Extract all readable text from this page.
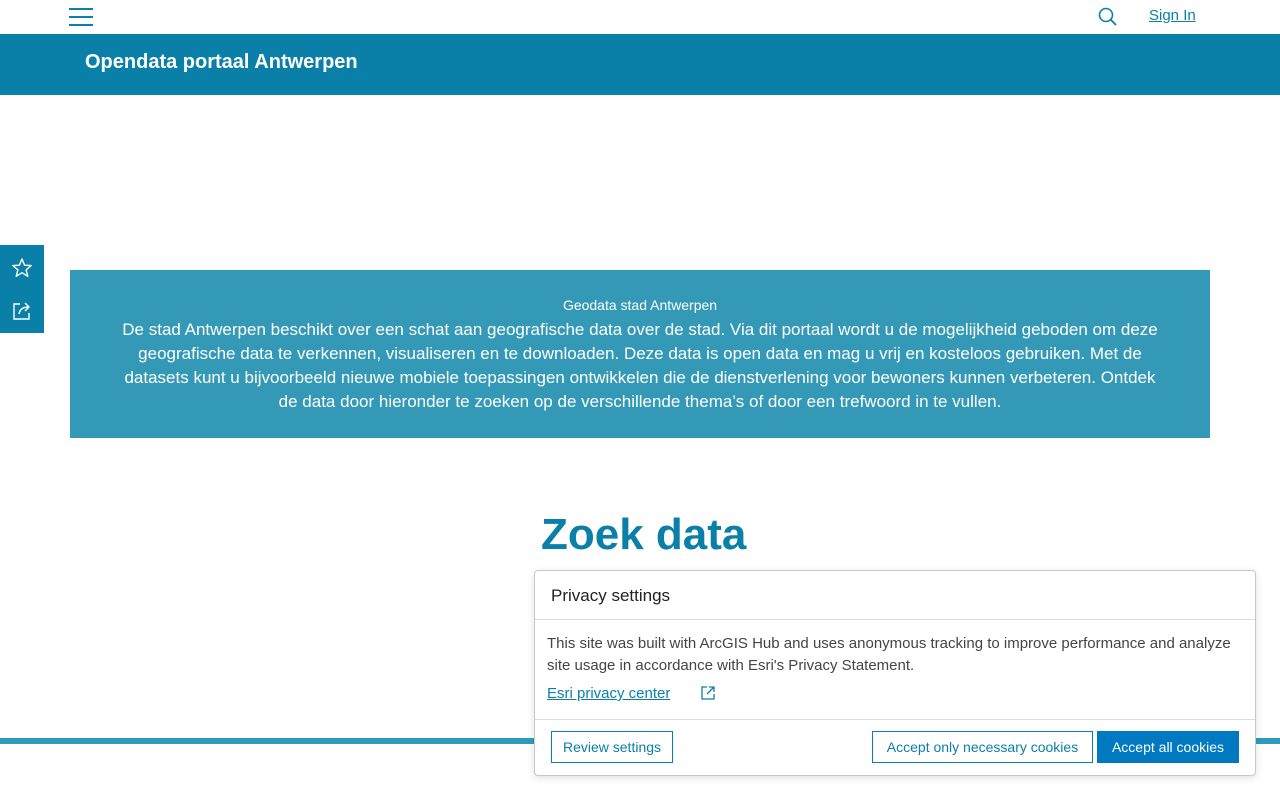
Sign In
Opendata portaal Antwerpen
Geodata stad Antwerpen
De stad Antwerpen beschikt over een schat aan geografische data over de stad. Via dit portaal wordt u de mogelijkheid geboden om deze geografische data te verkennen, visualiseren en te downloaden. Deze data is open data en mag u vrij en kosteloos gebruiken. Met de datasets kunt u bijvoorbeeld nieuwe mobiele toepassingen ontwikkelen die de dienstverlening voor bewoners kunnen verbeteren. Ontdek de data door hieronder te zoeken op de verschillende thema’s of door een trefwoord in te vullen.
Zoek data
Privacy settings
This site was built with ArcGIS Hub and uses anonymous tracking to improve performance and analyze site usage in accordance with Esri's Privacy Statement.
Esri privacy center
Review settings	Accept only necessary cookies	Accept all cookies
